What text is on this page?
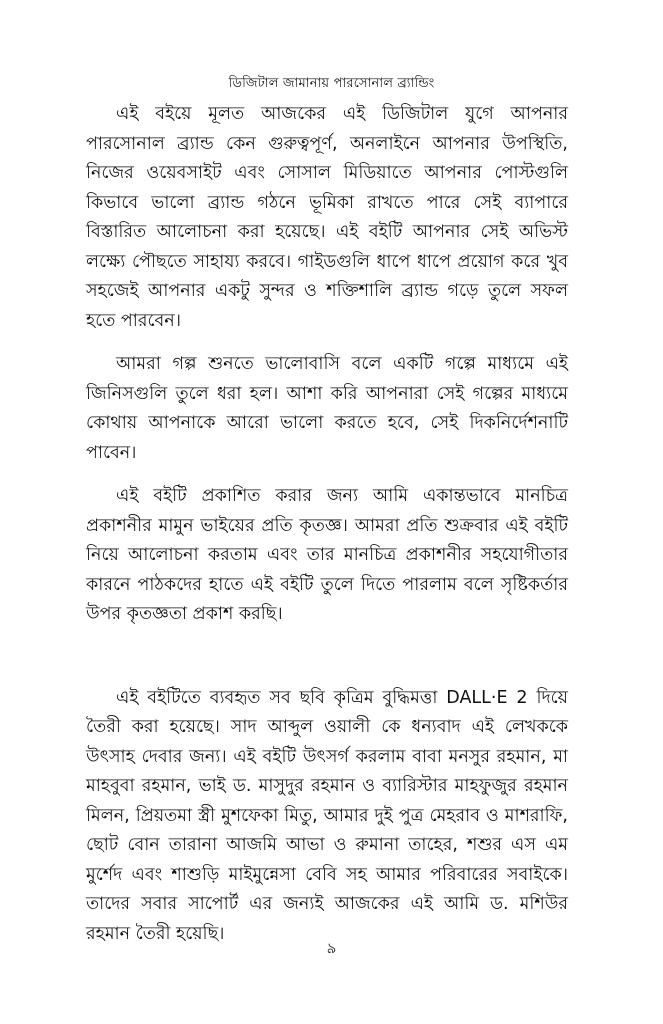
ডিজিটাল জামানায় পারসোনাল ব্র্যান্ডিং

এই বইয়ে মূলত আজকের এই ডিজিটাল যুগে আপনার পারসোনাল ব্র্যান্ড কেন গুরুত্বপূর্ণ, অনলাইনে আপনার উপস্থিতি, নিজের ওয়েবসাইট এবং সোসাল মিডিয়াতে আপনার পোস্টগুলি কিভাবে ভালো ব্র্যান্ড গঠনে ভূমিকা রাখতে পারে সেই ব্যাপারে বিস্তারিত আলোচনা করা হয়েছে। এই বইটি আপনার সেই অভিস্ট লক্ষ্যে পৌছতে সাহায্য করবে। গাইডগুলি ধাপে ধাপে প্রয়োগ করে খুব সহজেই আপনার একটু সুন্দর ও শক্তিশালি ব্র্যান্ড গড়ে তুলে সফল হতে পারবেন।

আমরা গল্প শুনতে ভালোবাসি বলে একটি গল্পে মাধ্যমে এই জিনিসগুলি তুলে ধরা হল। আশা করি আপনারা সেই গল্পের মাধ্যমে কোথায় আপনাকে আরো ভালো করতে হবে, সেই দিকনির্দেশনাটি পাবেন।

এই বইটি প্রকাশিত করার জন্য আমি একান্তভাবে মানচিত্র প্রকাশনীর মামুন ভাইয়ের প্রতি কৃতজ্ঞ। আমরা প্রতি শুক্রবার এই বইটি নিয়ে আলোচনা করতাম এবং তার মানচিত্র প্রকাশনীর সহযোগীতার কারনে পাঠকদের হাতে এই বইটি তুলে দিতে পারলাম বলে সৃষ্টিকর্তার উপর কৃতজ্ঞতা প্রকাশ করছি।

এই বইটিতে ব্যবহৃত সব ছবি কৃত্রিম বুদ্ধিমত্তা DALL·E 2 দিয়ে তৈরী করা হয়েছে। সাদ আব্দুল ওয়ালী কে ধন্যবাদ এই লেখককে উৎসাহ দেবার জন্য। এই বইটি উৎসর্গ করলাম বাবা মনসুর রহমান, মা মাহবুবা রহমান, ভাই ড. মাসুদুর রহমান ও ব্যারিস্টার মাহফুজুর রহমান মিলন, প্রিয়তমা স্ত্রী মুশফেকা মিতু, আমার দুই পুত্র মেহরাব ও মাশরাফি, ছোট বোন তারানা আজমি আভা ও রুমানা তাহের, শশুর এস এম মুর্শেদ এবং শাশুড়ি মাইমুন্নেসা বেবি সহ আমার পরিবারের সবাইকে। তাদের সবার সাপোর্ট এর জন্যই আজকের এই আমি ড. মশিউর রহমান তৈরী হয়েছি।

৯
